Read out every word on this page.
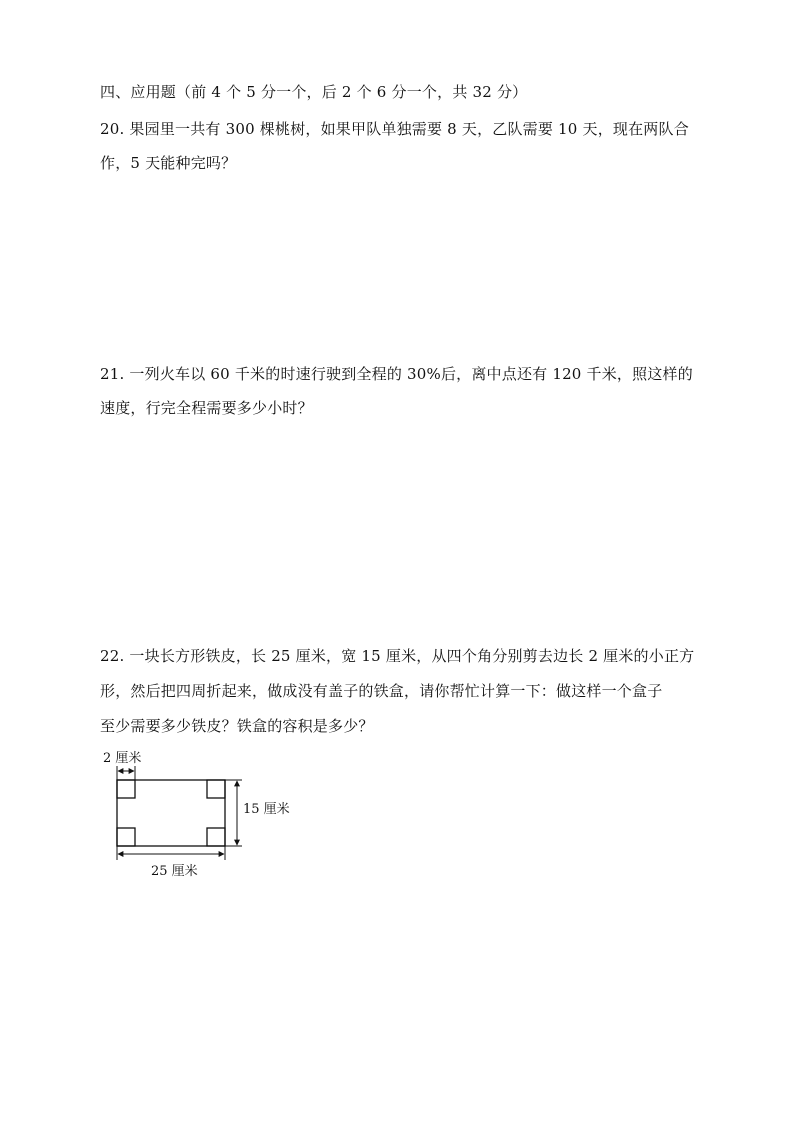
四、应用题（前 4 个 5 分一个，后 2 个 6 分一个，共 32 分）
20. 果园里一共有 300 棵桃树，如果甲队单独需要 8 天，乙队需要 10 天，现在两队合
作，5 天能种完吗？
21. 一列火车以 60 千米的时速行驶到全程的 30%后，离中点还有 120 千米，照这样的
速度，行完全程需要多少小时？
22. 一块长方形铁皮，长 25 厘米，宽 15 厘米，从四个角分别剪去边长 2 厘米的小正方
形，然后把四周折起来，做成没有盖子的铁盒，请你帮忙计算一下：做这样一个盒子
至少需要多少铁皮？铁盒的容积是多少？
2 厘米
15 厘米
25 厘米
